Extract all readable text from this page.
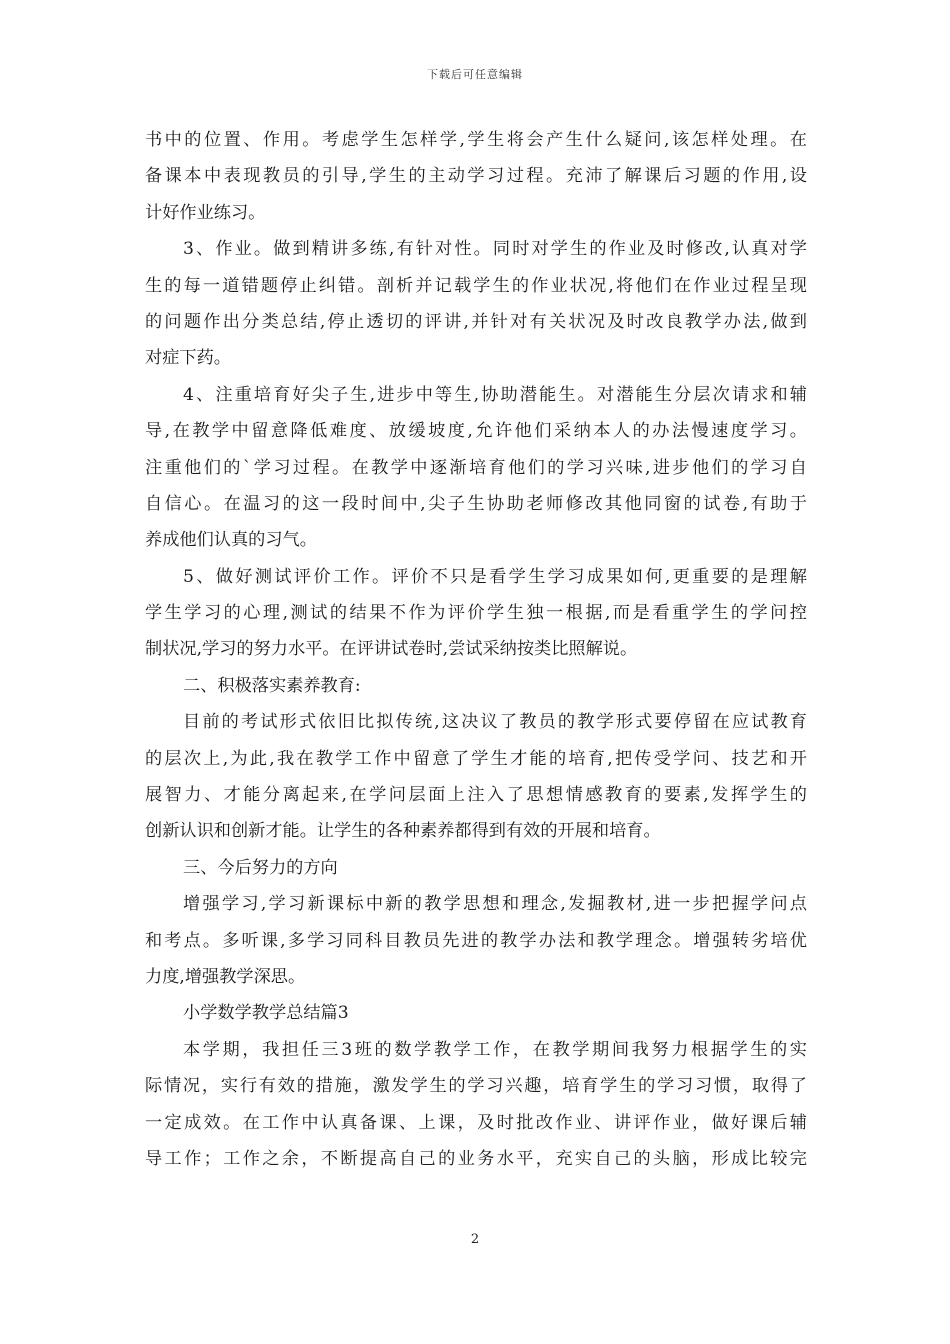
下载后可任意编辑
书中的位置、作用。考虑学生怎样学,学生将会产生什么疑问,该怎样处理。在
备课本中表现教员的引导,学生的主动学习过程。充沛了解课后习题的作用,设
计好作业练习。
3、作业。做到精讲多练,有针对性。同时对学生的作业及时修改,认真对学
生的每一道错题停止纠错。剖析并记载学生的作业状况,将他们在作业过程呈现
的问题作出分类总结,停止透切的评讲,并针对有关状况及时改良教学办法,做到
对症下药。
4、注重培育好尖子生,进步中等生,协助潜能生。对潜能生分层次请求和辅
导,在教学中留意降低难度、放缓坡度,允许他们采纳本人的办法慢速度学习。
注重他们的`学习过程。在教学中逐渐培育他们的学习兴味,进步他们的学习自
自信心。在温习的这一段时间中,尖子生协助老师修改其他同窗的试卷,有助于
养成他们认真的习气。
5、做好测试评价工作。评价不只是看学生学习成果如何,更重要的是理解
学生学习的心理,测试的结果不作为评价学生独一根据,而是看重学生的学问控
制状况,学习的努力水平。在评讲试卷时,尝试采纳按类比照解说。
二、积极落实素养教育:
目前的考试形式依旧比拟传统,这决议了教员的教学形式要停留在应试教育
的层次上,为此,我在教学工作中留意了学生才能的培育,把传受学问、技艺和开
展智力、才能分离起来,在学问层面上注入了思想情感教育的要素,发挥学生的
创新认识和创新才能。让学生的各种素养都得到有效的开展和培育。
三、今后努力的方向
增强学习,学习新课标中新的教学思想和理念,发掘教材,进一步把握学问点
和考点。多听课,多学习同科目教员先进的教学办法和教学理念。增强转劣培优
力度,增强教学深思。
小学数学教学总结篇3
本学期，我担任三3班的数学教学工作，在教学期间我努力根据学生的实
际情况，实行有效的措施，激发学生的学习兴趣，培育学生的学习习惯，取得了
一定成效。在工作中认真备课、上课，及时批改作业、讲评作业，做好课后辅
导工作；工作之余，不断提高自己的业务水平，充实自己的头脑，形成比较完
2
